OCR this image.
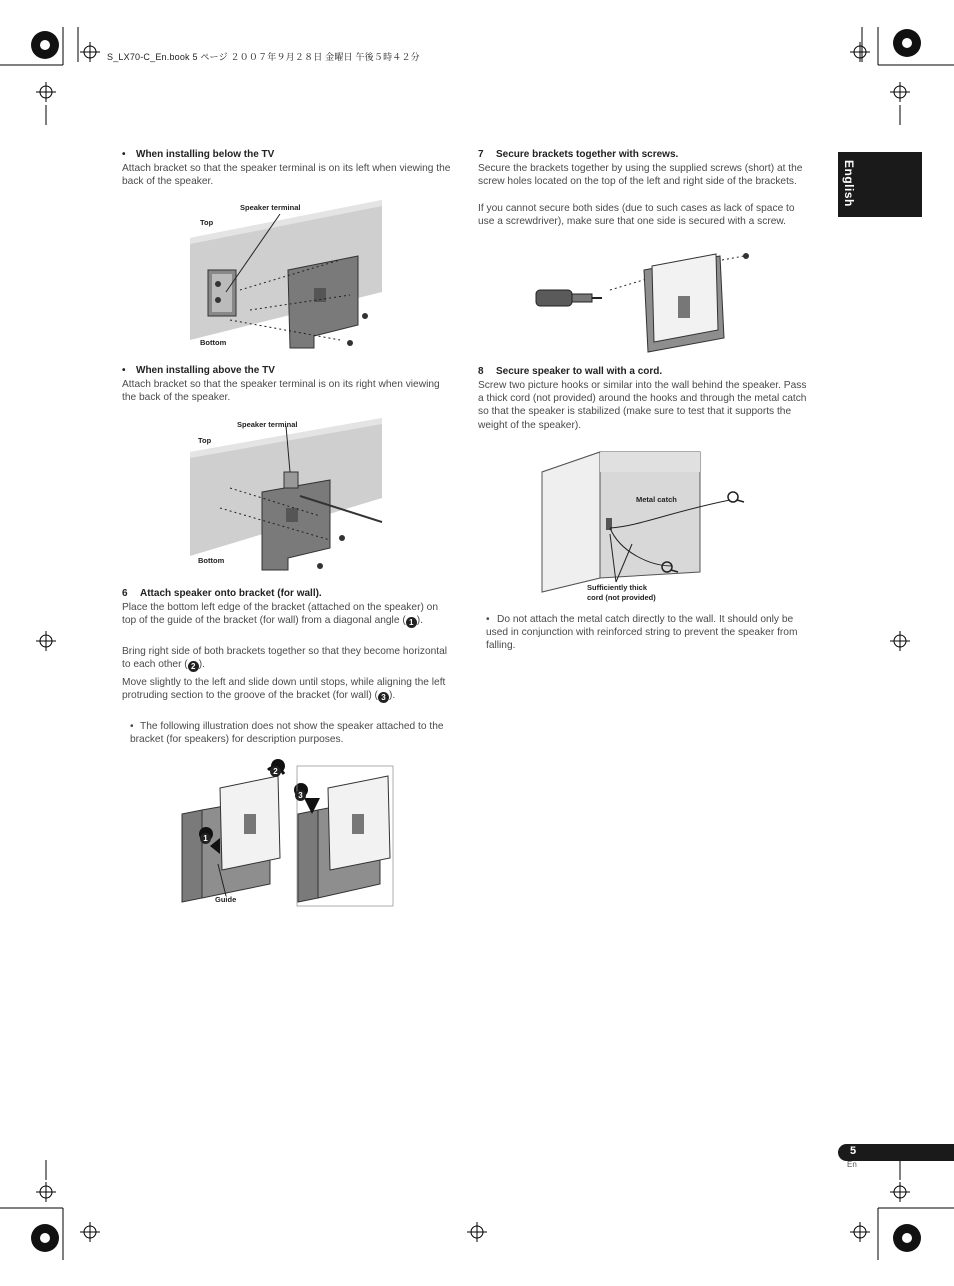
S_LX70-C_En.book 5 ページ ２００７年９月２８日 金曜日 午後５時４２分
English
• When installing below the TV
Attach bracket so that the speaker terminal is on its left when viewing the back of the speaker.
Speaker terminal
Top
Bottom
• When installing above the TV
Attach bracket so that the speaker terminal is on its right when viewing the back of the speaker.
Speaker terminal
Top
Bottom
6 Attach speaker onto bracket (for wall).
Place the bottom left edge of the bracket (attached on the speaker) on top of the guide of the bracket (for wall) from a diagonal angle ( 1 ).
Bring right side of both brackets together so that they become horizontal to each other ( 2 ).
Move slightly to the left and slide down until stops, while aligning the left protruding section to the groove of the bracket (for wall) ( 3 ).
• The following illustration does not show the speaker attached to the bracket (for speakers) for description purposes.
2
3
1
Guide
7 Secure brackets together with screws.
Secure the brackets together by using the supplied screws (short) at the screw holes located on the top of the left and right side of the brackets.
If you cannot secure both sides (due to such cases as lack of space to use a screwdriver), make sure that one side is secured with a screw.
8 Secure speaker to wall with a cord.
Screw two picture hooks or similar into the wall behind the speaker. Pass a thick cord (not provided) around the hooks and through the metal catch so that the speaker is stabilized (make sure to test that it supports the weight of the speaker).
Metal catch
Sufficiently thick
cord (not provided)
• Do not attach the metal catch directly to the wall. It should only be used in conjunction with reinforced string to prevent the speaker from falling.
5
En
